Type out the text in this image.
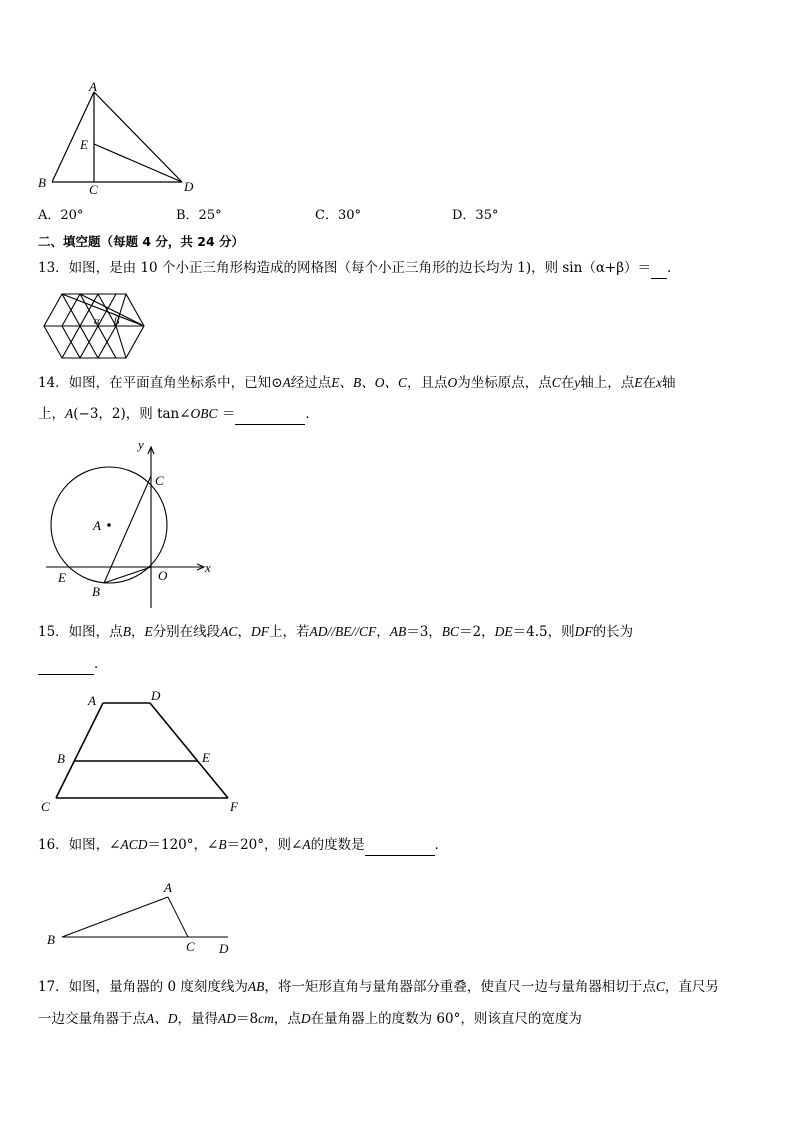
A
E
B	C	D
A．20°	B．25°	C．30°	D．35°
二、填空题（每题 4 分，共 24 分）
13．如图，是由 10 个小正三角形构造成的网格图（每个小正三角形的边长均为 1)，则 sin（α+β）＝ ．
α β
14．如图，在平面直角坐标系中，已知⊙A经过点E、B、O、C，且点O为坐标原点，点C在y轴上，点E在x轴
上，A(−3，2)，则 tan∠OBC ＝	．
y
C
A
x
E	O
B
15．如图，点B，E分别在线段AC，DF上，若AD//BE//CF，AB＝3，BC＝2，DE＝4.5，则DF的长为
．
A	D
B	E
C	F
16．如图，∠ACD＝120°，∠B＝20°，则∠A的度数是	．
A
B	C D
17．如图，量角器的 0 度刻度线为AB，将一矩形直角与量角器部分重叠，使直尺一边与量角器相切于点C，直尺另
一边交量角器于点A、D，量得AD＝8cm，点D在量角器上的度数为 60°，则该直尺的宽度为
